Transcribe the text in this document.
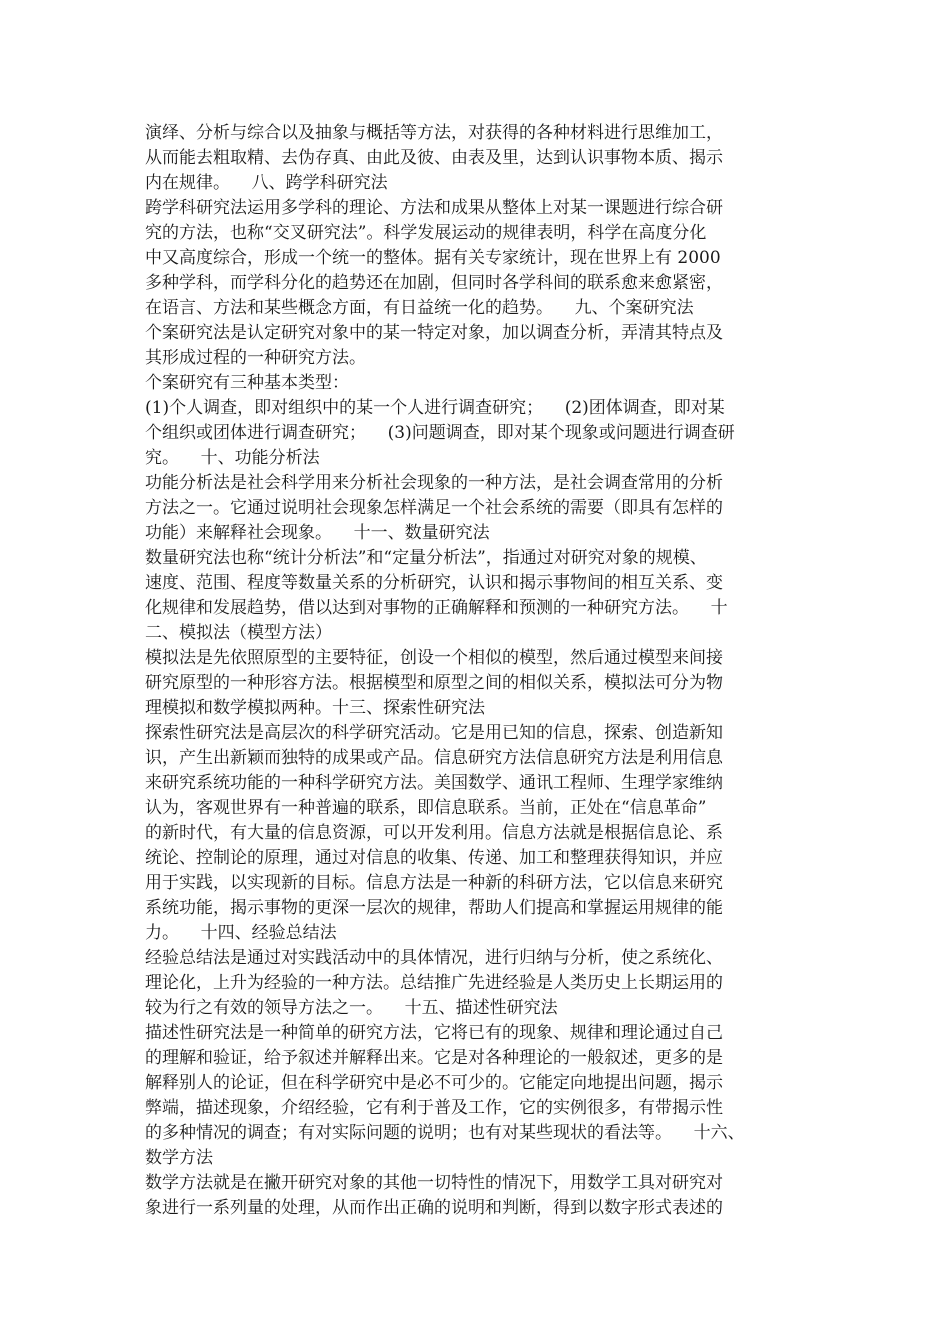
演绎、分析与综合以及抽象与概括等方法，对获得的各种材料进行思维加工，
从而能去粗取精、去伪存真、由此及彼、由表及里，达到认识事物本质、揭示
内在规律。    八、跨学科研究法
跨学科研究法运用多学科的理论、方法和成果从整体上对某一课题进行综合研
究的方法，也称“交叉研究法”。科学发展运动的规律表明，科学在高度分化
中又高度综合，形成一个统一的整体。据有关专家统计，现在世界上有 2000
多种学科，而学科分化的趋势还在加剧，但同时各学科间的联系愈来愈紧密，
在语言、方法和某些概念方面，有日益统一化的趋势。    九、个案研究法
个案研究法是认定研究对象中的某一特定对象，加以调查分析，弄清其特点及
其形成过程的一种研究方法。
个案研究有三种基本类型：
(1)个人调查，即对组织中的某一个人进行调查研究；    (2)团体调查，即对某
个组织或团体进行调查研究；    (3)问题调查，即对某个现象或问题进行调查研
究。    十、功能分析法
功能分析法是社会科学用来分析社会现象的一种方法，是社会调查常用的分析
方法之一。它通过说明社会现象怎样满足一个社会系统的需要（即具有怎样的
功能）来解释社会现象。    十一、数量研究法
数量研究法也称“统计分析法”和“定量分析法”，指通过对研究对象的规模、
速度、范围、程度等数量关系的分析研究，认识和揭示事物间的相互关系、变
化规律和发展趋势，借以达到对事物的正确解释和预测的一种研究方法。    十
二、模拟法（模型方法）
模拟法是先依照原型的主要特征，创设一个相似的模型，然后通过模型来间接
研究原型的一种形容方法。根据模型和原型之间的相似关系，模拟法可分为物
理模拟和数学模拟两种。十三、探索性研究法
探索性研究法是高层次的科学研究活动。它是用已知的信息，探索、创造新知
识，产生出新颖而独特的成果或产品。信息研究方法信息研究方法是利用信息
来研究系统功能的一种科学研究方法。美国数学、通讯工程师、生理学家维纳
认为，客观世界有一种普遍的联系，即信息联系。当前，正处在“信息革命”
的新时代，有大量的信息资源，可以开发利用。信息方法就是根据信息论、系
统论、控制论的原理，通过对信息的收集、传递、加工和整理获得知识，并应
用于实践，以实现新的目标。信息方法是一种新的科研方法，它以信息来研究
系统功能，揭示事物的更深一层次的规律，帮助人们提高和掌握运用规律的能
力。    十四、经验总结法
经验总结法是通过对实践活动中的具体情况，进行归纳与分析，使之系统化、
理论化，上升为经验的一种方法。总结推广先进经验是人类历史上长期运用的
较为行之有效的领导方法之一。    十五、描述性研究法
描述性研究法是一种简单的研究方法，它将已有的现象、规律和理论通过自己
的理解和验证，给予叙述并解释出来。它是对各种理论的一般叙述，更多的是
解释别人的论证，但在科学研究中是必不可少的。它能定向地提出问题，揭示
弊端，描述现象，介绍经验，它有利于普及工作，它的实例很多，有带揭示性
的多种情况的调查；有对实际问题的说明；也有对某些现状的看法等。    十六、
数学方法
数学方法就是在撇开研究对象的其他一切特性的情况下，用数学工具对研究对
象进行一系列量的处理，从而作出正确的说明和判断，得到以数字形式表述的
